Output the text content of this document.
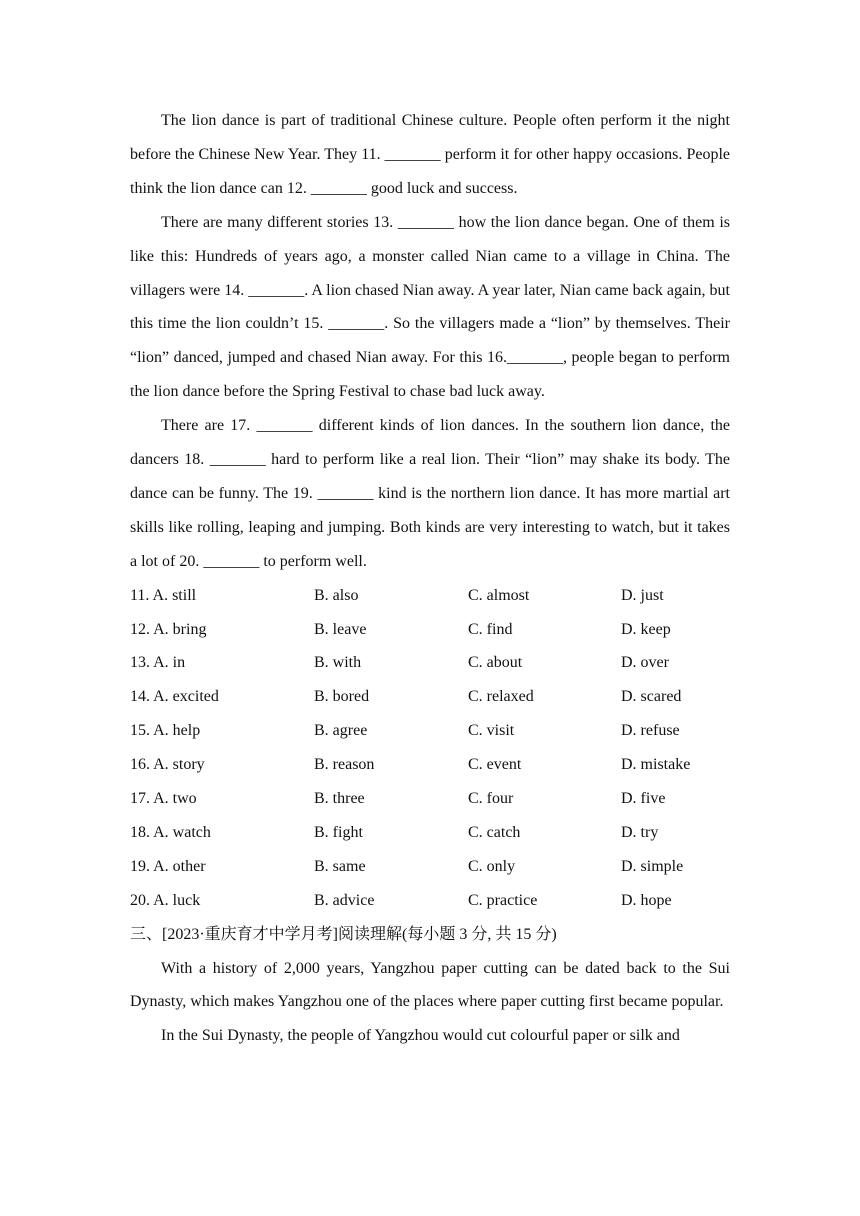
The lion dance is part of traditional Chinese culture. People often perform it the night before the Chinese New Year. They 11. _______ perform it for other happy occasions. People think the lion dance can 12. _______ good luck and success.

There are many different stories 13. _______ how the lion dance began. One of them is like this: Hundreds of years ago, a monster called Nian came to a village in China. The villagers were 14. _______. A lion chased Nian away. A year later, Nian came back again, but this time the lion couldn’t 15. _______. So the villagers made a “lion” by themselves. Their “lion” danced, jumped and chased Nian away. For this 16._______, people began to perform the lion dance before the Spring Festival to chase bad luck away.

There are 17. _______ different kinds of lion dances. In the southern lion dance, the dancers 18. _______ hard to perform like a real lion. Their “lion” may shake its body. The dance can be funny. The 19. _______ kind is the northern lion dance. It has more martial art skills like rolling, leaping and jumping. Both kinds are very interesting to watch, but it takes a lot of 20. _______ to perform well.

11. A. still	B. also	C. almost	D. just
12. A. bring	B. leave	C. find	D. keep
13. A. in	B. with	C. about	D. over
14. A. excited	B. bored	C. relaxed	D. scared
15. A. help	B. agree	C. visit	D. refuse
16. A. story	B. reason	C. event	D. mistake
17. A. two	B. three	C. four	D. five
18. A. watch	B. fight	C. catch	D. try
19. A. other	B. same	C. only	D. simple
20. A. luck	B. advice	C. practice	D. hope

三、[2023·重庆育才中学月考]阅读理解(每小题 3 分, 共 15 分)

With a history of 2,000 years, Yangzhou paper cutting can be dated back to the Sui Dynasty, which makes Yangzhou one of the places where paper cutting first became popular.

In the Sui Dynasty, the people of Yangzhou would cut colourful paper or silk and
